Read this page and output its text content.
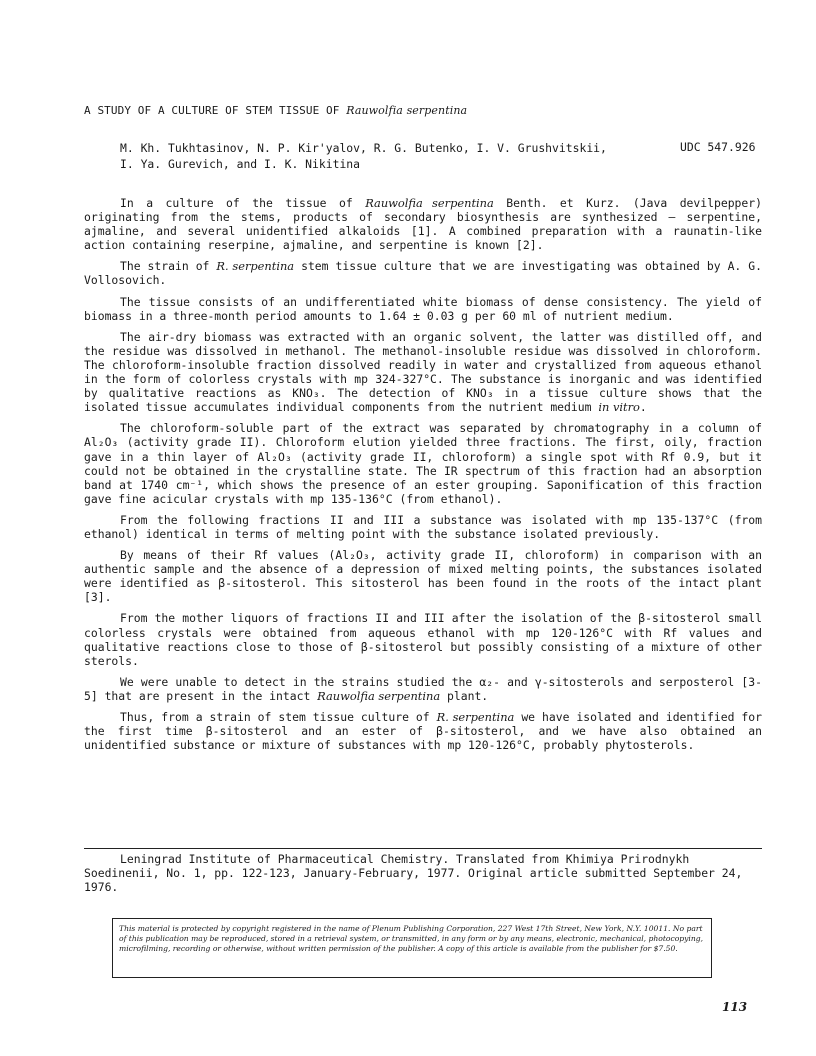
A STUDY OF A CULTURE OF STEM TISSUE OF Rauwolfia serpentina
M. Kh. Tukhtasinov, N. P. Kir'yalov, R. G. Butenko, I. V. Grushvitskii,
I. Ya. Gurevich, and I. K. Nikitina
UDC 547.926

In a culture of the tissue of Rauwolfia serpentina Benth. et Kurz. (Java devilpepper) originating from the stems, products of secondary biosynthesis are synthesized — serpentine, ajmaline, and several unidentified alkaloids [1]. A combined preparation with a raunatin-like action containing reserpine, ajmaline, and serpentine is known [2].

The strain of R. serpentina stem tissue culture that we are investigating was obtained by A. G. Vollosovich.

The tissue consists of an undifferentiated white biomass of dense consistency. The yield of biomass in a three-month period amounts to 1.64 ± 0.03 g per 60 ml of nutrient medium.

The air-dry biomass was extracted with an organic solvent, the latter was distilled off, and the residue was dissolved in methanol. The methanol-insoluble residue was dissolved in chloroform. The chloroform-insoluble fraction dissolved readily in water and crystallized from aqueous ethanol in the form of colorless crystals with mp 324-327°C. The substance is inorganic and was identified by qualitative reactions as KNO₃. The detection of KNO₃ in a tissue culture shows that the isolated tissue accumulates individual components from the nutrient medium in vitro.

The chloroform-soluble part of the extract was separated by chromatography in a column of Al₂O₃ (activity grade II). Chloroform elution yielded three fractions. The first, oily, fraction gave in a thin layer of Al₂O₃ (activity grade II, chloroform) a single spot with Rf 0.9, but it could not be obtained in the crystalline state. The IR spectrum of this fraction had an absorption band at 1740 cm⁻¹, which shows the presence of an ester grouping. Saponification of this fraction gave fine acicular crystals with mp 135-136°C (from ethanol).

From the following fractions II and III a substance was isolated with mp 135-137°C (from ethanol) identical in terms of melting point with the substance isolated previously.

By means of their Rf values (Al₂O₃, activity grade II, chloroform) in comparison with an authentic sample and the absence of a depression of mixed melting points, the substances isolated were identified as β-sitosterol. This sitosterol has been found in the roots of the intact plant [3].

From the mother liquors of fractions II and III after the isolation of the β-sitosterol small colorless crystals were obtained from aqueous ethanol with mp 120-126°C with Rf values and qualitative reactions close to those of β-sitosterol but possibly consisting of a mixture of other sterols.

We were unable to detect in the strains studied the α₂- and γ-sitosterols and serposterol [3-5] that are present in the intact Rauwolfia serpentina plant.

Thus, from a strain of stem tissue culture of R. serpentina we have isolated and identified for the first time β-sitosterol and an ester of β-sitosterol, and we have also obtained an unidentified substance or mixture of substances with mp 120-126°C, probably phytosterols.

Leningrad Institute of Pharmaceutical Chemistry. Translated from Khimiya Prirodnykh Soedinenii, No. 1, pp. 122-123, January-February, 1977. Original article submitted September 24, 1976.

This material is protected by copyright registered in the name of Plenum Publishing Corporation, 227 West 17th Street, New York, N.Y. 10011. No part of this publication may be reproduced, stored in a retrieval system, or transmitted, in any form or by any means, electronic, mechanical, photocopying, microfilming, recording or otherwise, without written permission of the publisher. A copy of this article is available from the publisher for $7.50.
113
